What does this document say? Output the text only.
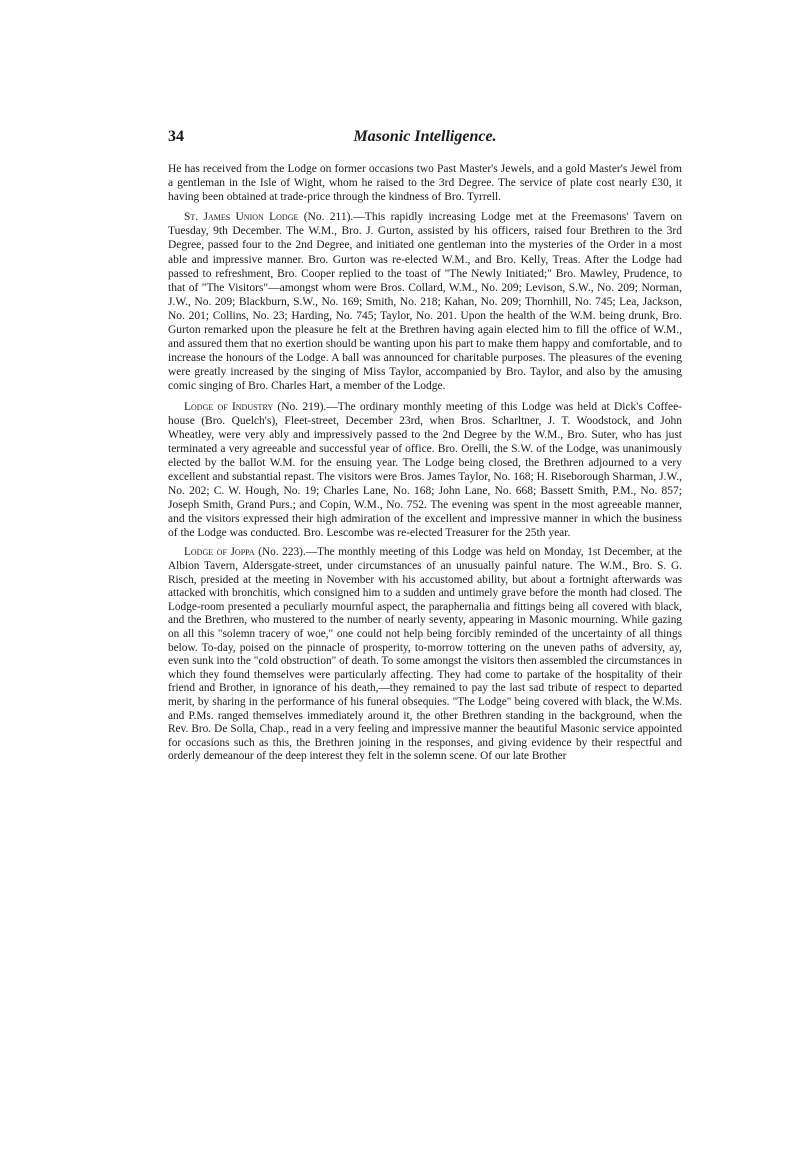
34	Masonic Intelligence.

He has received from the Lodge on former occasions two Past Master's Jewels, and a gold Master's Jewel from a gentleman in the Isle of Wight, whom he raised to the 3rd Degree. The service of plate cost nearly £30, it having been obtained at trade-price through the kindness of Bro. Tyrrell.

St. James Union Lodge (No. 211).—This rapidly increasing Lodge met at the Freemasons' Tavern on Tuesday, 9th December. The W.M., Bro. J. Gurton, assisted by his officers, raised four Brethren to the 3rd Degree, passed four to the 2nd Degree, and initiated one gentleman into the mysteries of the Order in a most able and impressive manner. Bro. Gurton was re-elected W.M., and Bro. Kelly, Treas. After the Lodge had passed to refreshment, Bro. Cooper replied to the toast of "The Newly Initiated;" Bro. Mawley, Prudence, to that of "The Visitors"—amongst whom were Bros. Collard, W.M., No. 209; Levison, S.W., No. 209; Norman, J.W., No. 209; Blackburn, S.W., No. 169; Smith, No. 218; Kahan, No. 209; Thornhill, No. 745; Lea, Jackson, No. 201; Collins, No. 23; Harding, No. 745; Taylor, No. 201. Upon the health of the W.M. being drunk, Bro. Gurton remarked upon the pleasure he felt at the Brethren having again elected him to fill the office of W.M., and assured them that no exertion should be wanting upon his part to make them happy and comfortable, and to increase the honours of the Lodge. A ball was announced for charitable purposes. The pleasures of the evening were greatly increased by the singing of Miss Taylor, accompanied by Bro. Taylor, and also by the amusing comic singing of Bro. Charles Hart, a member of the Lodge.

Lodge of Industry (No. 219).—The ordinary monthly meeting of this Lodge was held at Dick's Coffee-house (Bro. Quelch's), Fleet-street, December 23rd, when Bros. Scharltner, J. T. Woodstock, and John Wheatley, were very ably and impressively passed to the 2nd Degree by the W.M., Bro. Suter, who has just terminated a very agreeable and successful year of office. Bro. Orelli, the S.W. of the Lodge, was unanimously elected by the ballot W.M. for the ensuing year. The Lodge being closed, the Brethren adjourned to a very excellent and substantial repast. The visitors were Bros. James Taylor, No. 168; H. Riseborough Sharman, J.W., No. 202; C. W. Hough, No. 19; Charles Lane, No. 168; John Lane, No. 668; Bassett Smith, P.M., No. 857; Joseph Smith, Grand Purs.; and Copin, W.M., No. 752. The evening was spent in the most agreeable manner, and the visitors expressed their high admiration of the excellent and impressive manner in which the business of the Lodge was conducted. Bro. Lescombe was re-elected Treasurer for the 25th year.

Lodge of Joppa (No. 223).—The monthly meeting of this Lodge was held on Monday, 1st December, at the Albion Tavern, Aldersgate-street, under circumstances of an unusually painful nature. The W.M., Bro. S. G. Risch, presided at the meeting in November with his accustomed ability, but about a fortnight afterwards was attacked with bronchitis, which consigned him to a sudden and untimely grave before the month had closed. The Lodge-room presented a peculiarly mournful aspect, the paraphernalia and fittings being all covered with black, and the Brethren, who mustered to the number of nearly seventy, appearing in Masonic mourning. While gazing on all this "solemn tracery of woe," one could not help being forcibly reminded of the uncertainty of all things below. To-day, poised on the pinnacle of prosperity, to-morrow tottering on the uneven paths of adversity, ay, even sunk into the "cold obstruction" of death. To some amongst the visitors then assembled the circumstances in which they found themselves were particularly affecting. They had come to partake of the hospitality of their friend and Brother, in ignorance of his death,—they remained to pay the last sad tribute of respect to departed merit, by sharing in the performance of his funeral obsequies. "The Lodge" being covered with black, the W.Ms. and P.Ms. ranged themselves immediately around it, the other Brethren standing in the background, when the Rev. Bro. De Solla, Chap., read in a very feeling and impressive manner the beautiful Masonic service appointed for occasions such as this, the Brethren joining in the responses, and giving evidence by their respectful and orderly demeanour of the deep interest they felt in the solemn scene. Of our late Brother
